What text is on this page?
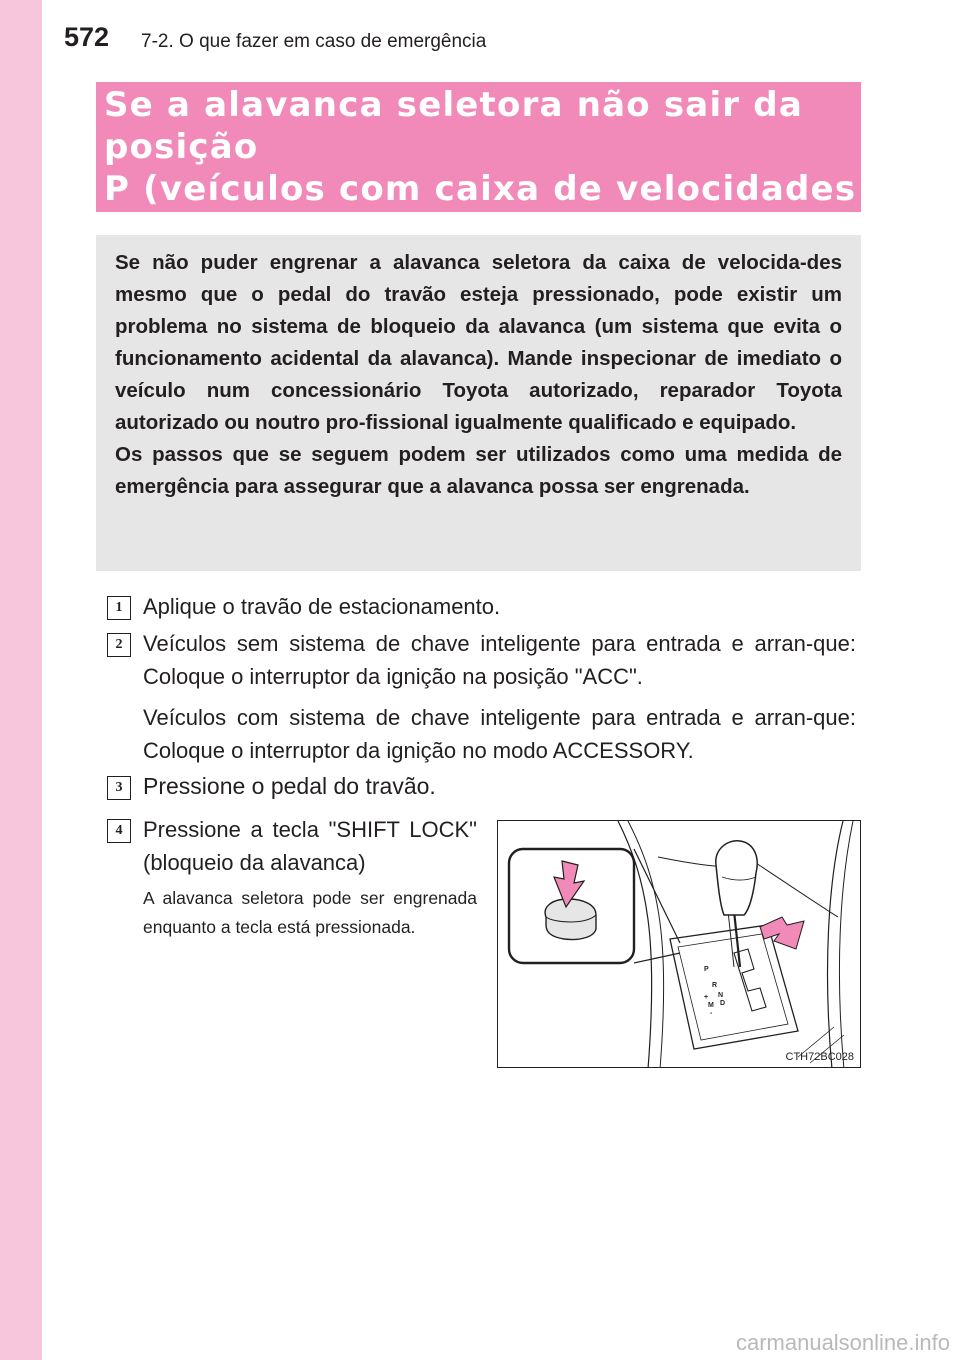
572 7-2. O que fazer em caso de emergência
Se a alavanca seletora não sair da posição
P (veículos com caixa de velocidades

Se não puder engrenar a alavanca seletora da caixa de velocida-des mesmo que o pedal do travão esteja pressionado, pode existir um problema no sistema de bloqueio da alavanca (um sistema que evita o funcionamento acidental da alavanca). Mande inspecionar de imediato o veículo num concessionário Toyota autorizado, reparador Toyota autorizado ou noutro pro-fissional igualmente qualificado e equipado.

Os passos que se seguem podem ser utilizados como uma medida de emergência para assegurar que a alavanca possa ser engrenada.

1 Aplique o travão de estacionamento.
2 Veículos sem sistema de chave inteligente para entrada e arran-que: Coloque o interruptor da ignição na posição "ACC".
Veículos com sistema de chave inteligente para entrada e arran-que: Coloque o interruptor da ignição no modo ACCESSORY.
3 Pressione o pedal do travão.
4 Pressione a tecla "SHIFT LOCK" (bloqueio da alavanca)
A alavanca seletora pode ser engrenada enquanto a tecla está pressionada.
P
R
N
D
+
M
-
CTH72BC028
carmanualsonline.info
